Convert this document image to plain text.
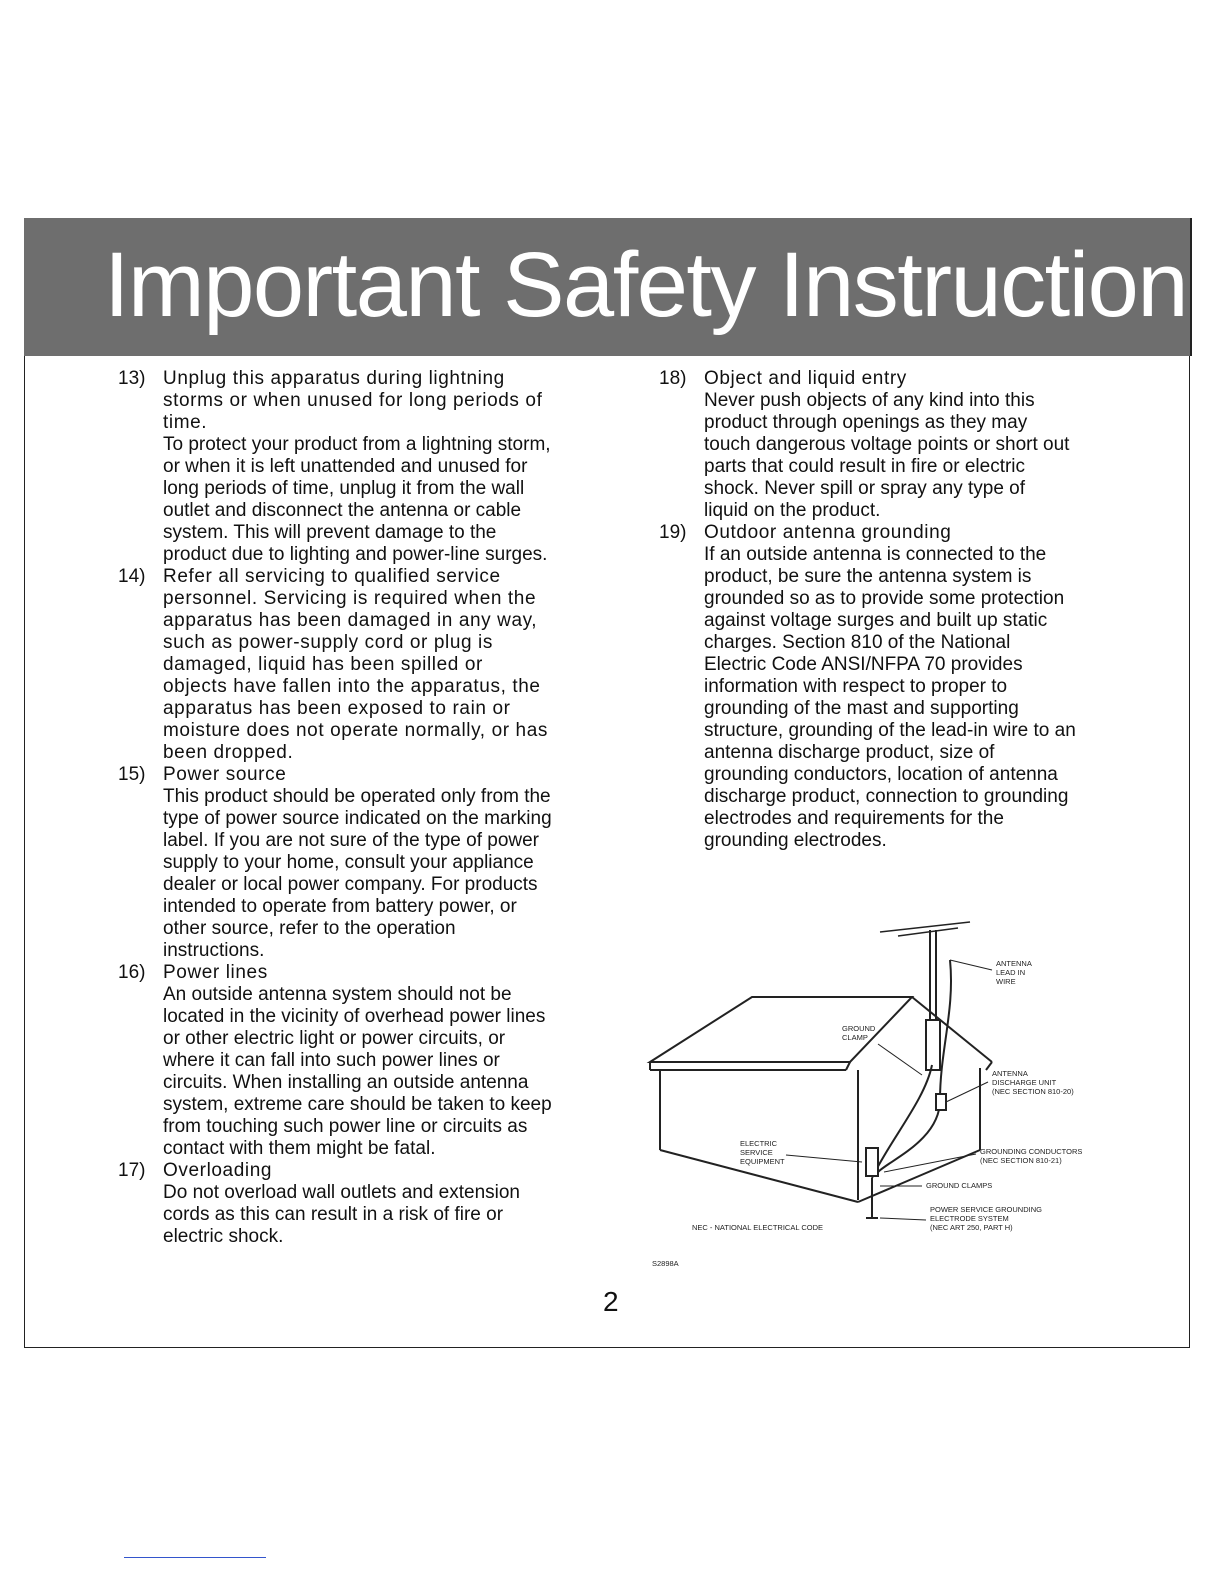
Important Safety Instruction
13) Unplug this apparatus during lightning
storms or when unused for long periods of
time.
To protect your product from a lightning storm,
or when it is left unattended and unused for
long periods of time, unplug it from the wall
outlet and disconnect the antenna or cable
system. This will prevent damage to the
product due to lighting and power-line surges.
14) Refer all servicing to qualified service
personnel. Servicing is required when the
apparatus has been damaged in any way,
such as power-supply cord or plug is
damaged, liquid has been spilled or
objects have fallen into the apparatus, the
apparatus has been exposed to rain or
moisture does not operate normally, or has
been dropped.
15) Power source
This product should be operated only from the
type of power source indicated on the marking
label. If you are not sure of the type of power
supply to your home, consult your appliance
dealer or local power company. For products
intended to operate from battery power, or
other source, refer to the operation
instructions.
16) Power lines
An outside antenna system should not be
located in the vicinity of overhead power lines
or other electric light or power circuits, or
where it can fall into such power lines or
circuits. When installing an outside antenna
system, extreme care should be taken to keep
from touching such power line or circuits as
contact with them might be fatal.
17) Overloading
Do not overload wall outlets and extension
cords as this can result in a risk of fire or
electric shock.
18) Object and liquid entry
Never push objects of any kind into this
product through openings as they may
touch dangerous voltage points or short out
parts that could result in fire or electric
shock. Never spill or spray any type of
liquid on the product.
19) Outdoor antenna grounding
If an outside antenna is connected to the
product, be sure the antenna system is
grounded so as to provide some protection
against voltage surges and built up static
charges. Section 810 of the National
Electric Code ANSI/NFPA 70 provides
information with respect to proper to
grounding of the mast and supporting
structure, grounding of the lead-in wire to an
antenna discharge product, size of
grounding conductors, location of antenna
discharge product, connection to grounding
electrodes and requirements for the
grounding electrodes.
ANTENNA LEAD IN WIRE
GROUND CLAMP
ANTENNA DISCHARGE UNIT (NEC SECTION 810-20)
ELECTRIC SERVICE EQUIPMENT
GROUNDING CONDUCTORS (NEC SECTION 810-21)
GROUND CLAMPS
POWER SERVICE GROUNDING ELECTRODE SYSTEM (NEC ART 250, PART H)
NEC - NATIONAL ELECTRICAL CODE
S2898A
2
